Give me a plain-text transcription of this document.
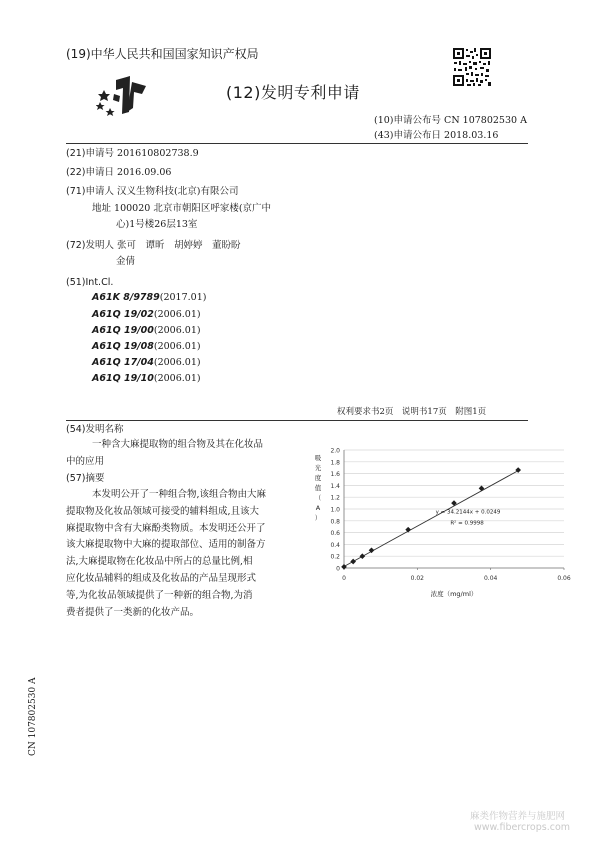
(19)中华人民共和国国家知识产权局
(12)发明专利申请
(10)申请公布号 CN 107802530 A
(43)申请公布日 2018.03.16
(21)申请号 201610802738.9
(22)申请日 2016.09.06
(71)申请人 汉义生物科技(北京)有限公司
地址 100020 北京市朝阳区呼家楼(京广中
心)1号楼26层13室
(72)发明人 张可　谭昕　胡婷婷　董盼盼
金倩
(51)Int.Cl.
A61K 8/9789(2017.01)
A61Q 19/02(2006.01)
A61Q 19/00(2006.01)
A61Q 19/08(2006.01)
A61Q 17/04(2006.01)
A61Q 19/10(2006.01)
权利要求书2页　说明书17页　附图1页
(54)发明名称
一种含大麻提取物的组合物及其在化妆品
中的应用
(57)摘要

本发明公开了一种组合物,该组合物由大麻

提取物及化妆品领域可接受的辅料组成,且该大

麻提取物中含有大麻酚类物质。本发明还公开了

该大麻提取物中大麻的提取部位、适用的制备方

法,大麻提取物在化妆品中所占的总量比例,相

应化妆品辅料的组成及化妆品的产品呈现形式

等,为化妆品领域提供了一种新的组合物,为消

费者提供了一类新的化妆产品。

0
0.2
0.4
0.6
0.8
1.0
1.2
1.4
1.6
1.8
2.0
0	0.02	0.04	0.06
y = 34.2144x + 0.0249
R² = 0.9998
浓度（mg/ml）
吸
光
度
值
（
A
）
CN 107802530 A
麻类作物营养与施肥网
www.fibercrops.com
